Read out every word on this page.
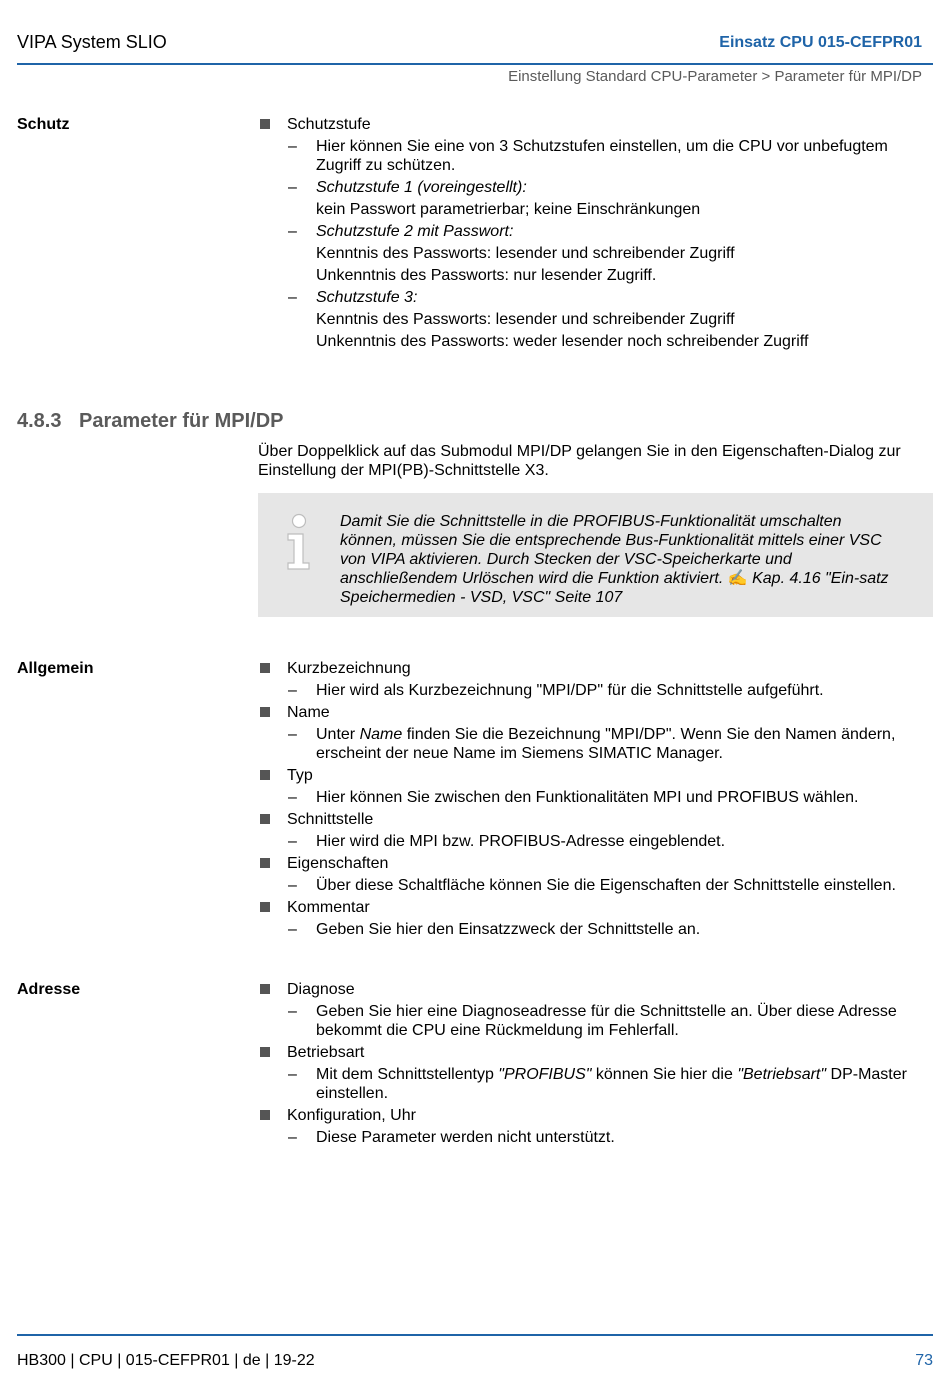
VIPA System SLIO	Einsatz CPU 015-CEFPR01
Einstellung Standard CPU-Parameter > Parameter für MPI/DP
Schutz	Schutzstufe
– Hier können Sie eine von 3 Schutzstufen einstellen, um die CPU vor unbefugtem Zugriff zu schützen.
– Schutzstufe 1 (voreingestellt):
kein Passwort parametrierbar; keine Einschränkungen
– Schutzstufe 2 mit Passwort:
Kenntnis des Passworts: lesender und schreibender Zugriff
Unkenntnis des Passworts: nur lesender Zugriff.
– Schutzstufe 3:
Kenntnis des Passworts: lesender und schreibender Zugriff
Unkenntnis des Passworts: weder lesender noch schreibender Zugriff
4.8.3 Parameter für MPI/DP
Über Doppelklick auf das Submodul MPI/DP gelangen Sie in den Eigenschaften-Dialog zur Einstellung der MPI(PB)-Schnittstelle X3.
Damit Sie die Schnittstelle in die PROFIBUS-Funktionalität umschalten können, müssen Sie die entsprechende Bus-Funktionalität mittels einer VSC von VIPA aktivieren. Durch Stecken der VSC-Speicherkarte und anschließendem Urlöschen wird die Funktion aktiviert. ✍ Kap. 4.16 "Ein-satz Speichermedien - VSD, VSC" Seite 107
Allgemein	Kurzbezeichnung
– Hier wird als Kurzbezeichnung "MPI/DP" für die Schnittstelle aufgeführt.
Name
– Unter Name finden Sie die Bezeichnung "MPI/DP". Wenn Sie den Namen ändern, erscheint der neue Name im Siemens SIMATIC Manager.
Typ
– Hier können Sie zwischen den Funktionalitäten MPI und PROFIBUS wählen.
Schnittstelle
– Hier wird die MPI bzw. PROFIBUS-Adresse eingeblendet.
Eigenschaften
– Über diese Schaltfläche können Sie die Eigenschaften der Schnittstelle einstellen.
Kommentar
– Geben Sie hier den Einsatzzweck der Schnittstelle an.
Adresse	Diagnose
– Geben Sie hier eine Diagnoseadresse für die Schnittstelle an. Über diese Adresse bekommt die CPU eine Rückmeldung im Fehlerfall.
Betriebsart
– Mit dem Schnittstellentyp "PROFIBUS" können Sie hier die "Betriebsart" DP-Master einstellen.
Konfiguration, Uhr
– Diese Parameter werden nicht unterstützt.
HB300 | CPU | 015-CEFPR01 | de | 19-22	73
